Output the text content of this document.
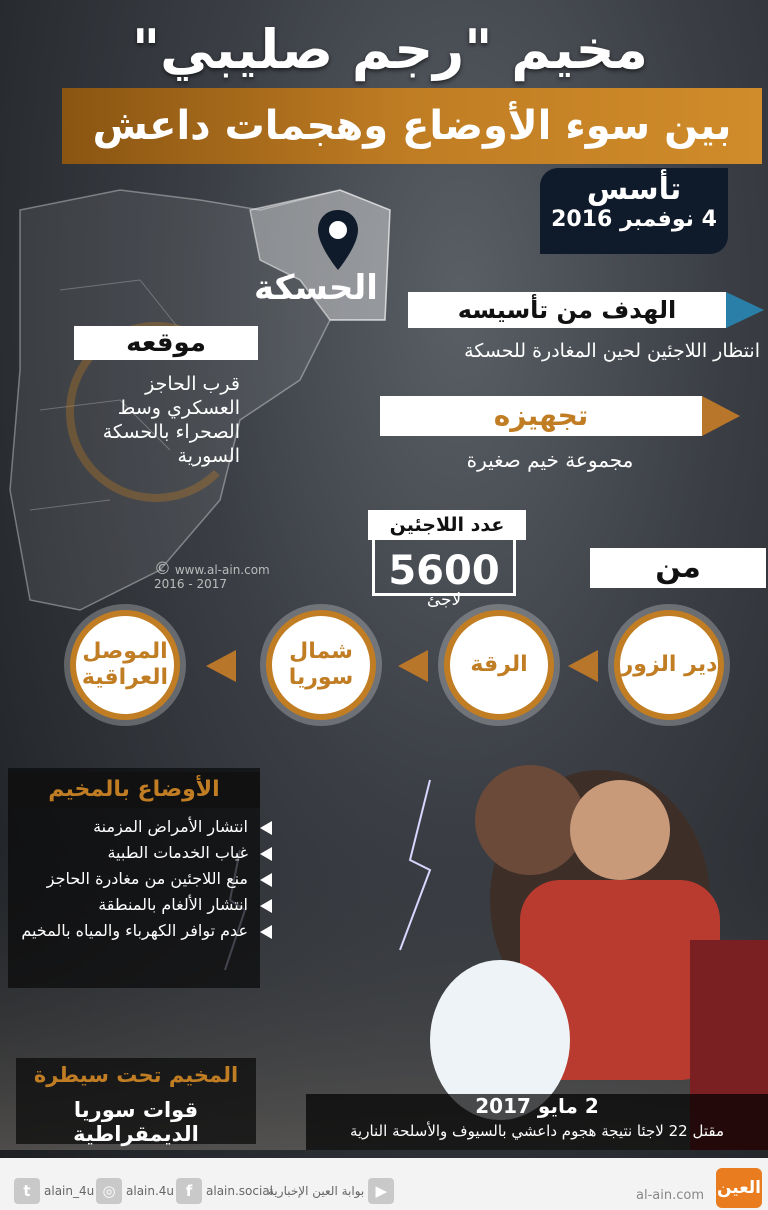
مخيم "رجم صليبي"
بين سوء الأوضاع وهجمات داعش
تأسس
4 نوفمبر 2016
الحسكة
الهدف من تأسيسه
انتظار اللاجئين لحين المغادرة للحسكة
تجهيزه
مجموعة خيم صغيرة
موقعه
قرب الحاجز العسكري وسط الصحراء بالحسكة السورية
عدد اللاجئين
5600
لاجئ
من
© www.al-ain.com
2016 - 2017
دير الزور
الرقة
شمال سوريا
الموصل العراقية
الأوضاع بالمخيم
انتشار الأمراض المزمنة
غياب الخدمات الطبية
منع اللاجئين من مغادرة الحاجز
انتشار الألغام بالمنطقة
عدم توافر الكهرباء والمياه بالمخيم
المخيم تحت سيطرة
قوات سوريا الديمقراطية
2 مايو 2017
مقتل 22 لاجئا نتيجة هجوم داعشي بالسيوف والأسلحة النارية
t	alain_4u ◎ alain.4u f	alain.social	▶
بوابة العين الإخبارية	al-ain.com العين
